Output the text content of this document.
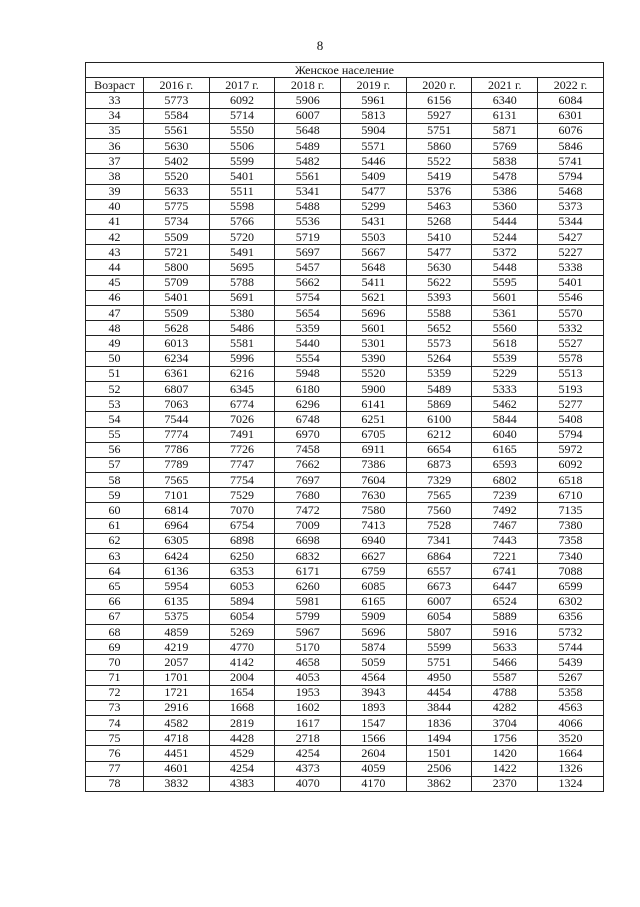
8
Женское население							
Возраст	2016 г.	2017 г.	2018 г.	2019 г.	2020 г.	2021 г.	2022 г.
33	5773	6092	5906	5961	6156	6340	6084
34	5584	5714	6007	5813	5927	6131	6301
35	5561	5550	5648	5904	5751	5871	6076
36	5630	5506	5489	5571	5860	5769	5846
37	5402	5599	5482	5446	5522	5838	5741
38	5520	5401	5561	5409	5419	5478	5794
39	5633	5511	5341	5477	5376	5386	5468
40	5775	5598	5488	5299	5463	5360	5373
41	5734	5766	5536	5431	5268	5444	5344
42	5509	5720	5719	5503	5410	5244	5427
43	5721	5491	5697	5667	5477	5372	5227
44	5800	5695	5457	5648	5630	5448	5338
45	5709	5788	5662	5411	5622	5595	5401
46	5401	5691	5754	5621	5393	5601	5546
47	5509	5380	5654	5696	5588	5361	5570
48	5628	5486	5359	5601	5652	5560	5332
49	6013	5581	5440	5301	5573	5618	5527
50	6234	5996	5554	5390	5264	5539	5578
51	6361	6216	5948	5520	5359	5229	5513
52	6807	6345	6180	5900	5489	5333	5193
53	7063	6774	6296	6141	5869	5462	5277
54	7544	7026	6748	6251	6100	5844	5408
55	7774	7491	6970	6705	6212	6040	5794
56	7786	7726	7458	6911	6654	6165	5972
57	7789	7747	7662	7386	6873	6593	6092
58	7565	7754	7697	7604	7329	6802	6518
59	7101	7529	7680	7630	7565	7239	6710
60	6814	7070	7472	7580	7560	7492	7135
61	6964	6754	7009	7413	7528	7467	7380
62	6305	6898	6698	6940	7341	7443	7358
63	6424	6250	6832	6627	6864	7221	7340
64	6136	6353	6171	6759	6557	6741	7088
65	5954	6053	6260	6085	6673	6447	6599
66	6135	5894	5981	6165	6007	6524	6302
67	5375	6054	5799	5909	6054	5889	6356
68	4859	5269	5967	5696	5807	5916	5732
69	4219	4770	5170	5874	5599	5633	5744
70	2057	4142	4658	5059	5751	5466	5439
71	1701	2004	4053	4564	4950	5587	5267
72	1721	1654	1953	3943	4454	4788	5358
73	2916	1668	1602	1893	3844	4282	4563
74	4582	2819	1617	1547	1836	3704	4066
75	4718	4428	2718	1566	1494	1756	3520
76	4451	4529	4254	2604	1501	1420	1664
77	4601	4254	4373	4059	2506	1422	1326
78	3832	4383	4070	4170	3862	2370	1324
